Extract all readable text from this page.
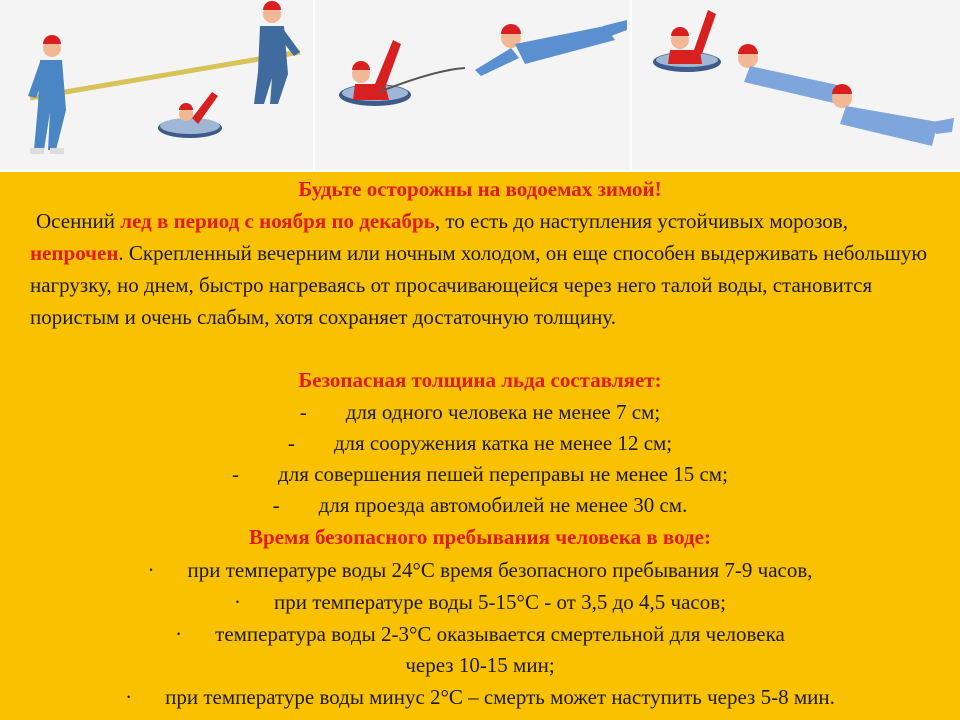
Будьте осторожны на водоемах зимой!
Осенний лед в период с ноября по декабрь, то есть до наступления устойчивых морозов, непрочен. Скрепленный вечерним или ночным холодом, он еще способен выдерживать небольшую нагрузку, но днем, быстро нагреваясь от просачивающейся через него талой воды, становится пористым и очень слабым, хотя сохраняет достаточную толщину.
Безопасная толщина льда составляет:
- для одного человека не менее 7 см;
- для сооружения катка не менее 12 см;
- для совершения пешей переправы не менее 15 см;
- для проезда автомобилей не менее 30 см.
Время безопасного пребывания человека в воде:
· при температуре воды 24°С время безопасного пребывания 7-9 часов,
· при температуре воды 5-15°С - от 3,5 до 4,5 часов;
· температура воды 2-3°С оказывается смертельной для человека
через 10-15 мин;
· при температуре воды минус 2°С – смерть может наступить через 5-8 мин.
